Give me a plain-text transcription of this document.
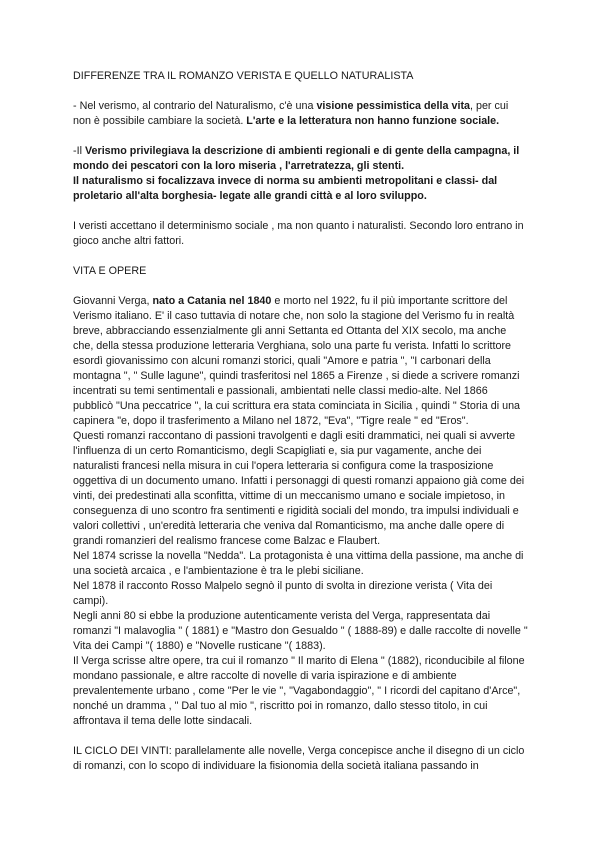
DIFFERENZE TRA IL ROMANZO VERISTA E QUELLO NATURALISTA

- Nel verismo, al contrario del Naturalismo, c'è una visione pessimistica della vita, per cui non è possibile cambiare la società. L'arte e la letteratura non hanno funzione sociale.

-Il Verismo privilegiava la descrizione di ambienti regionali e di gente della campagna, il mondo dei pescatori con la loro miseria , l'arretratezza, gli stenti.

Il naturalismo si focalizzava invece di norma su ambienti metropolitani e classi- dal proletario all'alta borghesia- legate alle grandi città e al loro sviluppo.

I veristi accettano il determinismo sociale , ma non quanto i naturalisti. Secondo loro entrano in gioco anche altri fattori.

VITA E OPERE

Giovanni Verga, nato a Catania nel 1840 e morto nel 1922, fu il più importante scrittore del Verismo italiano. E' il caso tuttavia di notare che, non solo la stagione del Verismo fu in realtà breve, abbracciando essenzialmente gli anni Settanta ed Ottanta del XIX secolo, ma anche che, della stessa produzione letteraria Verghiana, solo una parte fu verista. Infatti lo scrittore esordì giovanissimo con alcuni romanzi storici, quali "Amore e patria ", "I carbonari della montagna ", " Sulle lagune", quindi trasferitosi nel 1865 a Firenze , si diede a scrivere romanzi incentrati su temi sentimentali e passionali, ambientati nelle classi medio-alte. Nel 1866 pubblicò "Una peccatrice ", la cui scrittura era stata cominciata in Sicilia , quindi " Storia di una capinera "e, dopo il trasferimento a Milano nel 1872, "Eva", "Tigre reale " ed "Eros".

Questi romanzi raccontano di passioni travolgenti e dagli esiti drammatici, nei quali si avverte l'influenza di un certo Romanticismo, degli Scapigliati e, sia pur vagamente, anche dei naturalisti francesi nella misura in cui l'opera letteraria si configura come la trasposizione oggettiva di un documento umano. Infatti i personaggi di questi romanzi appaiono già come dei vinti, dei predestinati alla sconfitta, vittime di un meccanismo umano e sociale impietoso, in conseguenza di uno scontro fra sentimenti e rigidità sociali del mondo, tra impulsi individuali e valori collettivi , un'eredità letteraria che veniva dal Romanticismo, ma anche dalle opere di grandi romanzieri del realismo francese come Balzac e Flaubert.

Nel 1874 scrisse la novella "Nedda". La protagonista è una vittima della passione, ma anche di una società arcaica , e l'ambientazione è tra le plebi siciliane.

Nel 1878 il racconto Rosso Malpelo segnò il punto di svolta in direzione verista ( Vita dei campi).

Negli anni 80 si ebbe la produzione autenticamente verista del Verga, rappresentata dai romanzi "I malavoglia " ( 1881) e "Mastro don Gesualdo " ( 1888-89) e dalle raccolte di novelle " Vita dei Campi "( 1880) e "Novelle rusticane "( 1883).

Il Verga scrisse altre opere, tra cui il romanzo " Il marito di Elena " (1882), riconducibile al filone mondano passionale, e altre raccolte di novelle di varia ispirazione e di ambiente prevalentemente urbano , come "Per le vie ", "Vagabondaggio", " I ricordi del capitano d'Arce", nonché un dramma , " Dal tuo al mio ", riscritto poi in romanzo, dallo stesso titolo, in cui affrontava il tema delle lotte sindacali.

IL CICLO DEI VINTI: parallelamente alle novelle, Verga concepisce anche il disegno di un ciclo di romanzi, con lo scopo di individuare la fisionomia della società italiana passando in
